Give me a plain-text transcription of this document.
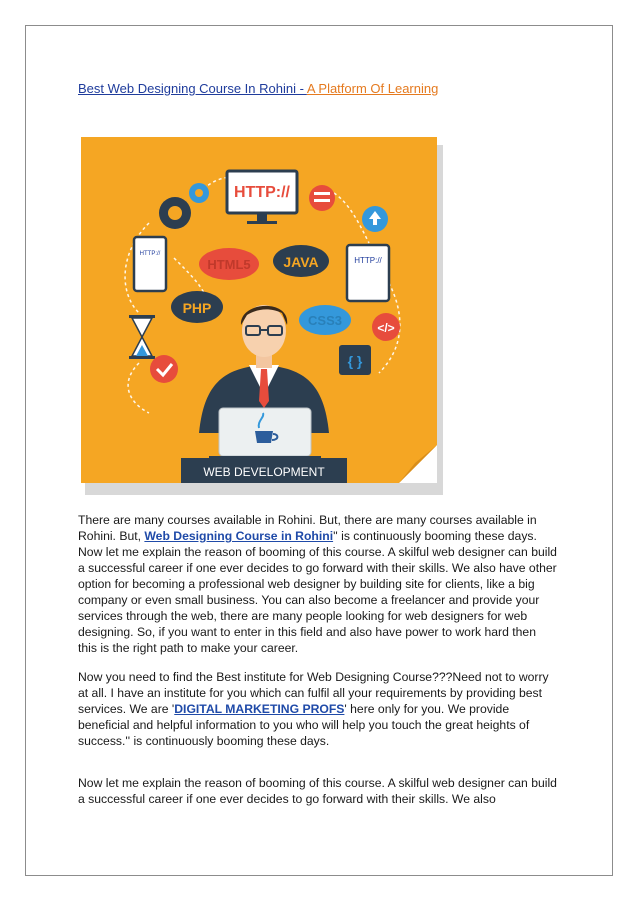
Best Web Designing Course In Rohini - A Platform Of Learning
HTTP://
HTTP://
HTTP://
HTML5 JAVA
PHP
CSS3	</>
{ }
WEB DEVELOPMENT

There are many courses available in Rohini. But, there are many courses available in Rohini. But, Web Designing Course in Rohini'' is continuously booming these days. Now let me explain the reason of booming of this course. A skilful web designer can build a successful career if one ever decides to go forward with their skills. We also have other option for becoming a professional web designer by building site for clients, like a big company or even small business. You can also become a freelancer and provide your services through the web, there are many people looking for web designers for web designing. So, if you want to enter in this field and also have power to work hard then this is the right path to make your career.

Now you need to find the Best institute for Web Designing Course???Need not to worry at all. I have an institute for you which can fulfil all your requirements by providing best services. We are 'DIGITAL MARKETING PROFS' here only for you. We provide beneficial and helpful information to you who will help you touch the great heights of success.'' is continuously booming these days.

Now let me explain the reason of booming of this course. A skilful web designer can build a successful career if one ever decides to go forward with their skills. We also
